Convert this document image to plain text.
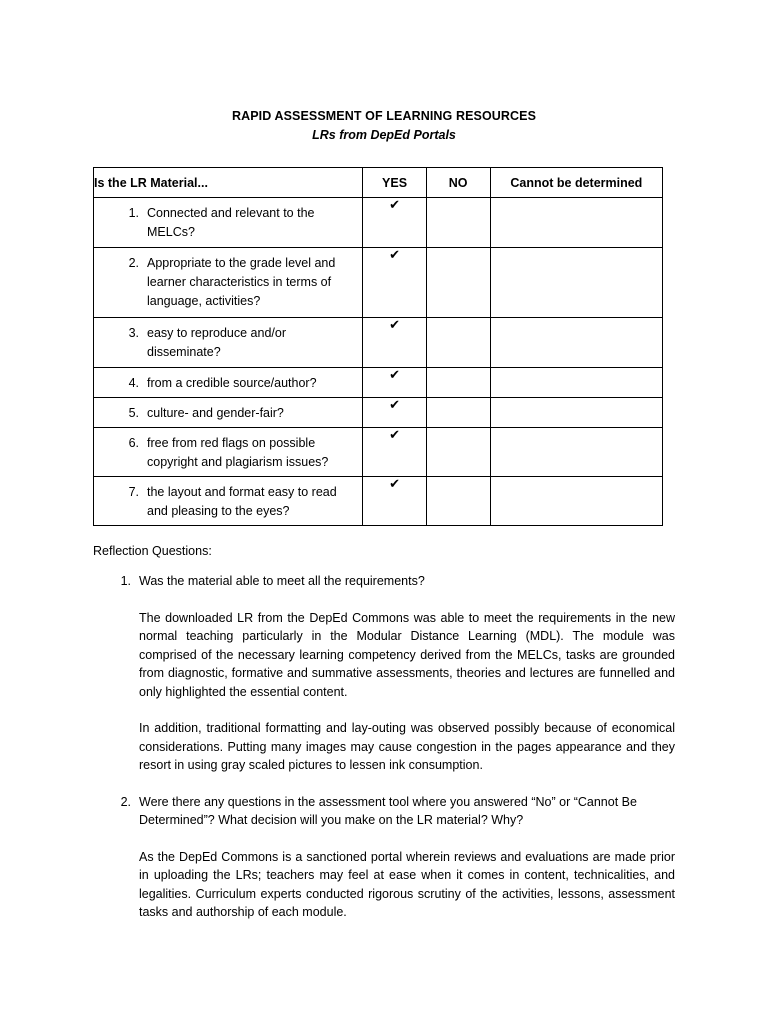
RAPID ASSESSMENT OF LEARNING RESOURCES
LRs from DepEd Portals
Is the LR Material...	YES	NO	Cannot be determined

1. Connected and relevant to the MELCs?	✔		

2. Appropriate to the grade level and learner characteristics in terms of language, activities?	✔		

3. easy to reproduce and/or disseminate?	✔		

4. from a credible source/author?	✔		

5. culture- and gender-fair?	✔		

6. free from red flags on possible copyright and plagiarism issues?	✔		

7. the layout and format easy to read and pleasing to the eyes?	✔		
Reflection Questions:
1. Was the material able to meet all the requirements?
The downloaded LR from the DepEd Commons was able to meet the requirements in the new normal teaching particularly in the Modular Distance Learning (MDL). The module was comprised of the necessary learning competency derived from the MELCs, tasks are grounded from diagnostic, formative and summative assessments, theories and lectures are funnelled and only highlighted the essential content.
In addition, traditional formatting and lay-outing was observed possibly because of economical considerations. Putting many images may cause congestion in the pages appearance and they resort in using gray scaled pictures to lessen ink consumption.
2. Were there any questions in the assessment tool where you answered “No” or “Cannot Be Determined”? What decision will you make on the LR material? Why?
As the DepEd Commons is a sanctioned portal wherein reviews and evaluations are made prior in uploading the LRs; teachers may feel at ease when it comes in content, technicalities, and legalities. Curriculum experts conducted rigorous scrutiny of the activities, lessons, assessment tasks and authorship of each module.
